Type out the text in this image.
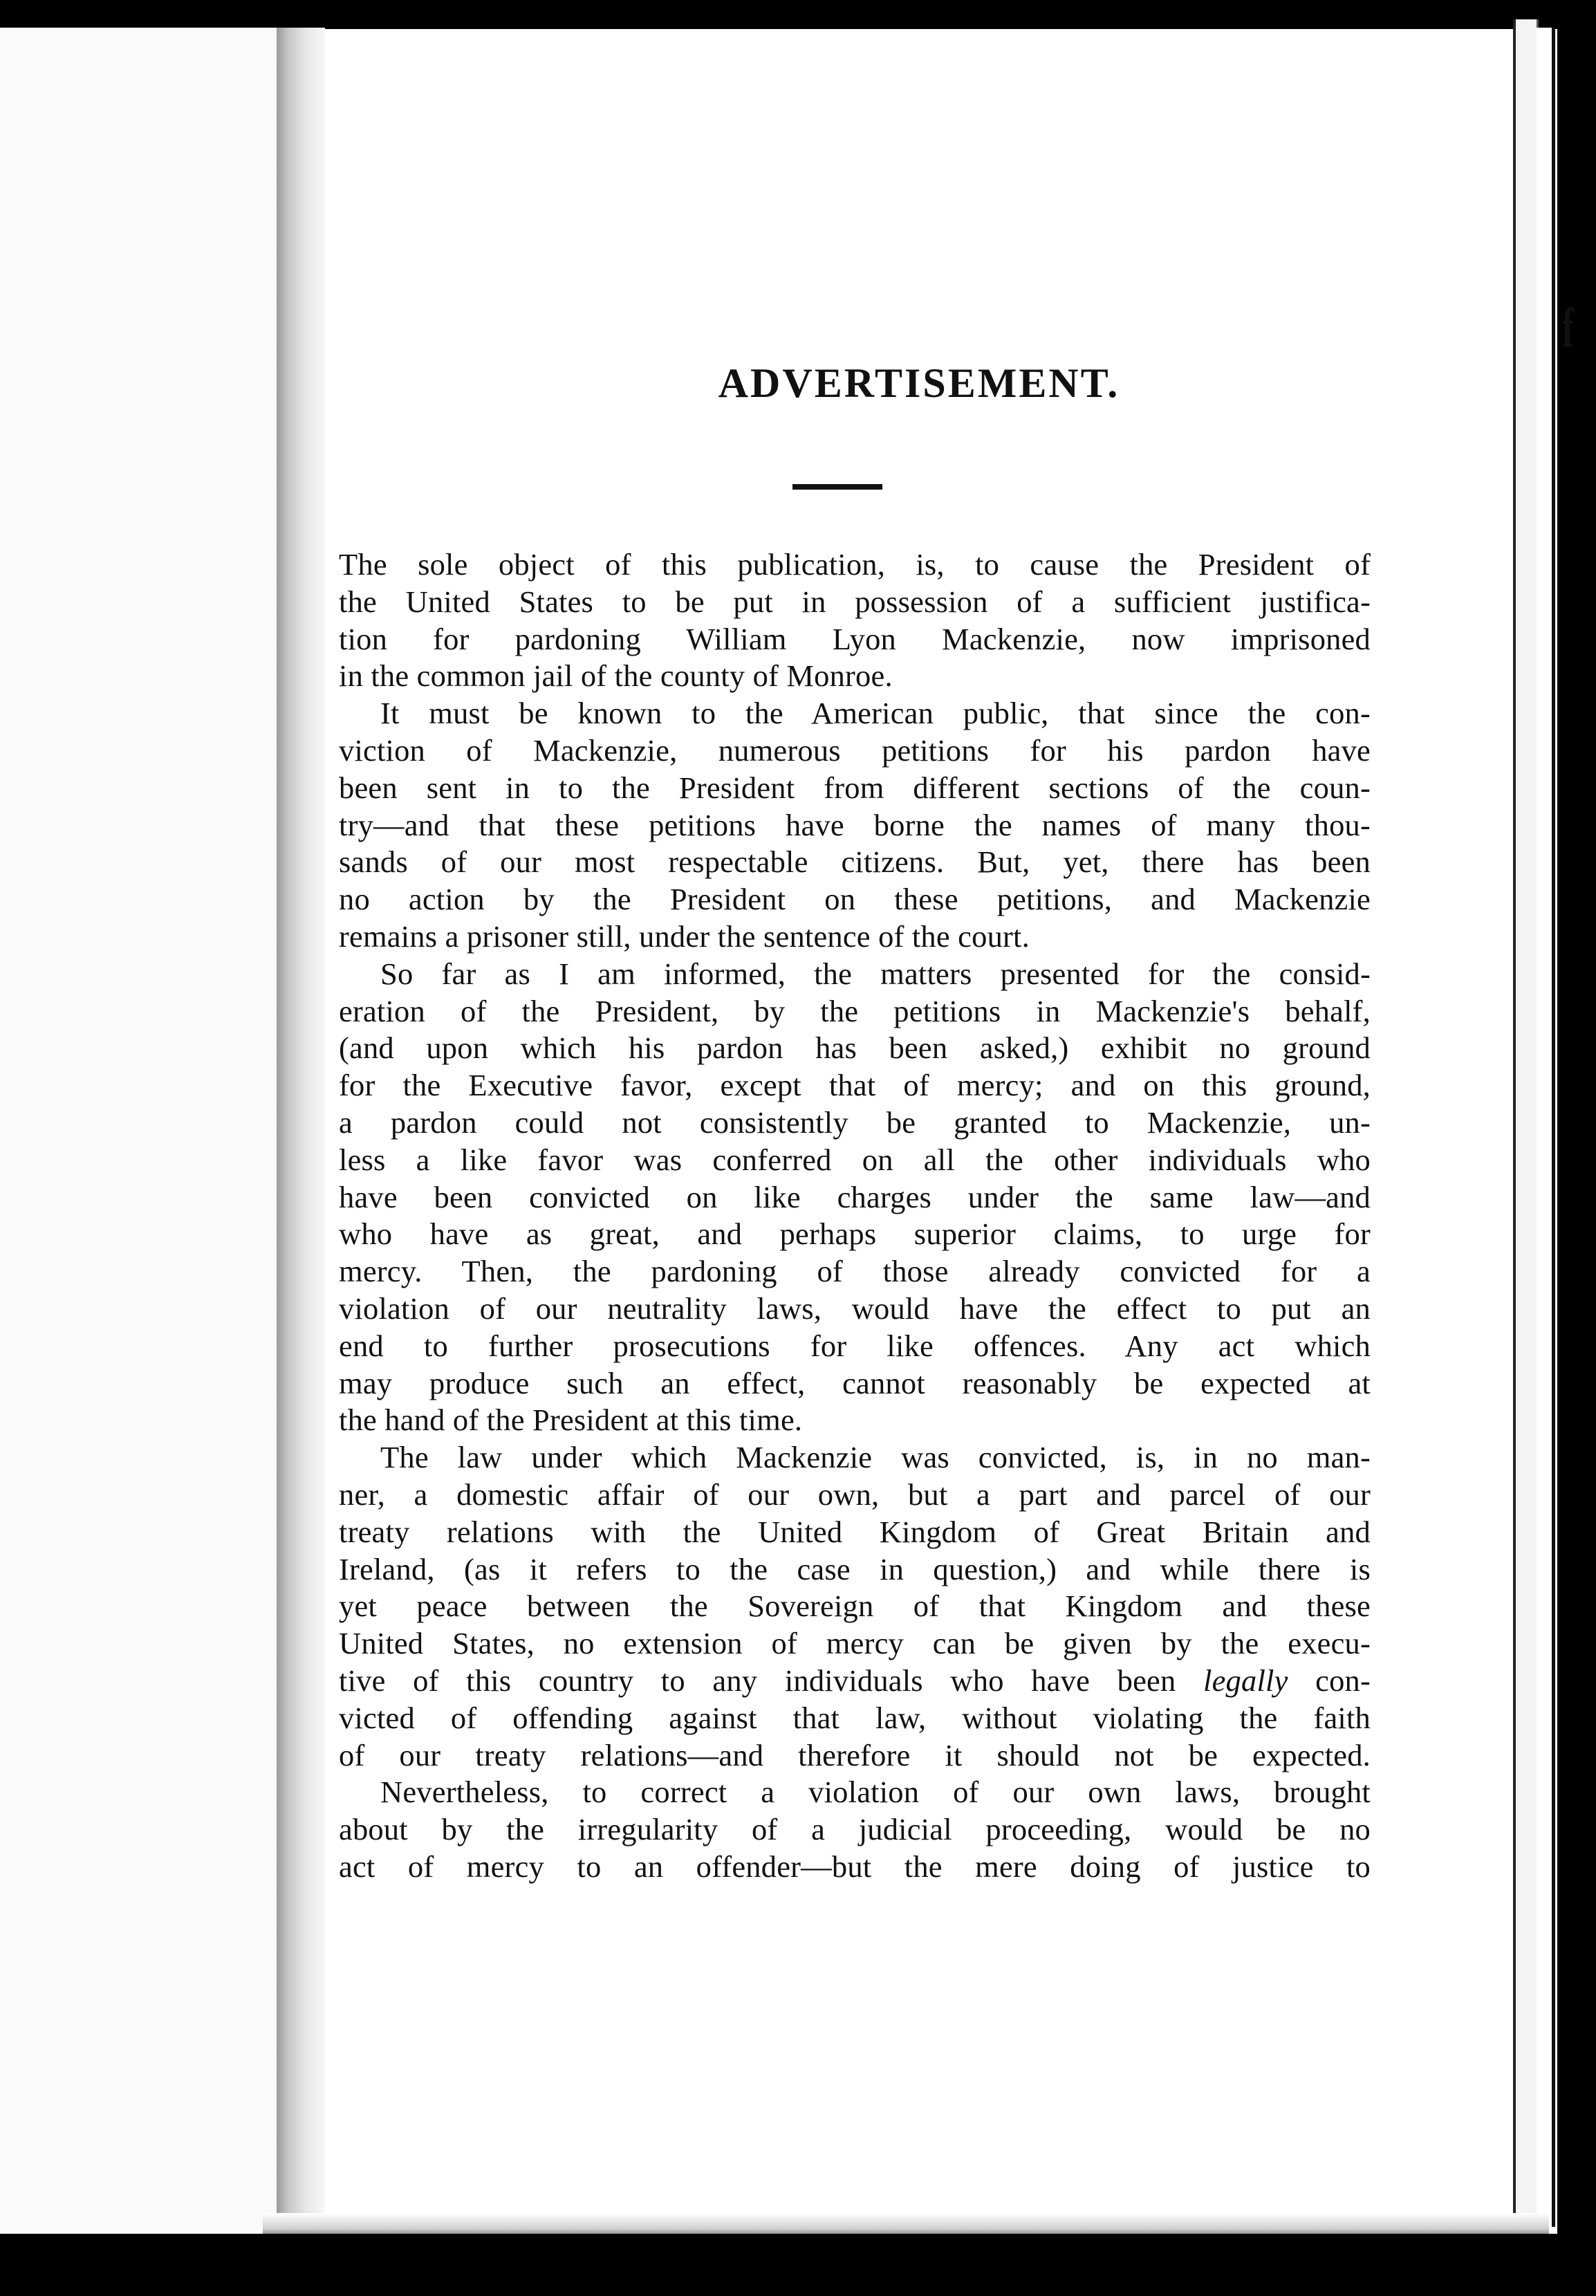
f
ADVERTISEMENT.
The sole object of this publication, is, to cause the President of
the United States to be put in possession of a sufficient justifica-
tion for pardoning William Lyon Mackenzie, now imprisoned
in the common jail of the county of Monroe.
It must be known to the American public, that since the con-
viction of Mackenzie, numerous petitions for his pardon have
been sent in to the President from different sections of the coun-
try—and that these petitions have borne the names of many thou-
sands of our most respectable citizens. But, yet, there has been
no action by the President on these petitions, and Mackenzie
remains a prisoner still, under the sentence of the court.
So far as I am informed, the matters presented for the consid-
eration of the President, by the petitions in Mackenzie's behalf,
(and upon which his pardon has been asked,) exhibit no ground
for the Executive favor, except that of mercy; and on this ground,
a pardon could not consistently be granted to Mackenzie, un-
less a like favor was conferred on all the other individuals who
have been convicted on like charges under the same law—and
who have as great, and perhaps superior claims, to urge for
mercy. Then, the pardoning of those already convicted for a
violation of our neutrality laws, would have the effect to put an
end to further prosecutions for like offences. Any act which
may produce such an effect, cannot reasonably be expected at
the hand of the President at this time.
The law under which Mackenzie was convicted, is, in no man-
ner, a domestic affair of our own, but a part and parcel of our
treaty relations with the United Kingdom of Great Britain and
Ireland, (as it refers to the case in question,) and while there is
yet peace between the Sovereign of that Kingdom and these
United States, no extension of mercy can be given by the execu-
tive of this country to any individuals who have been legally con-
victed of offending against that law, without violating the faith
of our treaty relations—and therefore it should not be expected.
Nevertheless, to correct a violation of our own laws, brought
about by the irregularity of a judicial proceeding, would be no
act of mercy to an offender—but the mere doing of justice to
